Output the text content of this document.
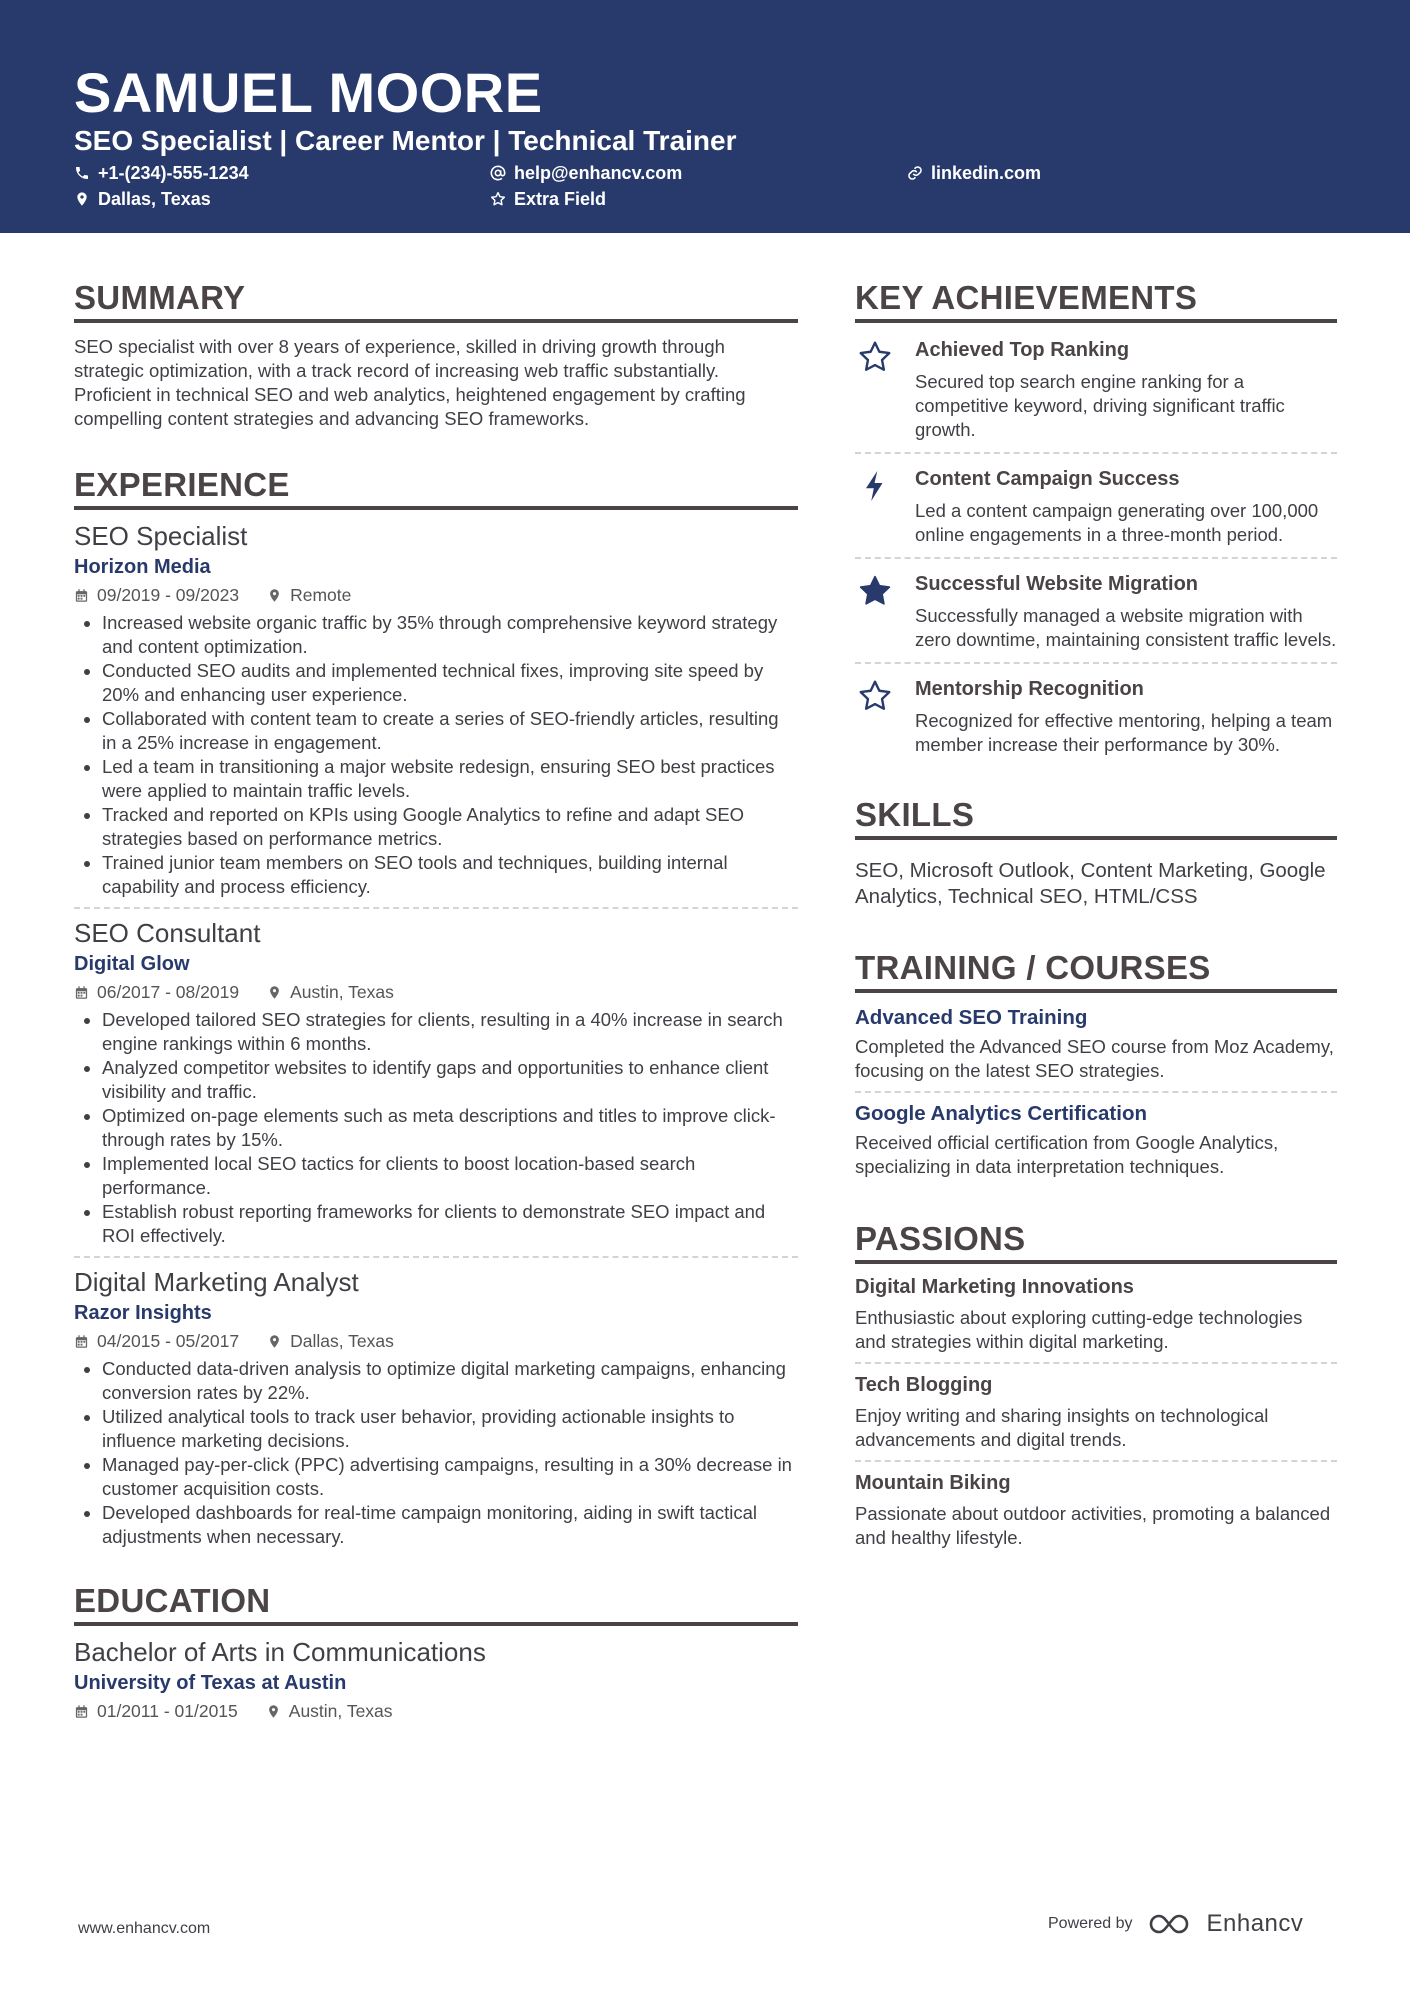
SAMUEL MOORE
SEO Specialist | Career Mentor | Technical Trainer
+1-(234)-555-1234	help@enhancv.com	linkedin.com
Dallas, Texas	Extra Field
SUMMARY

SEO specialist with over 8 years of experience, skilled in driving growth through strategic optimization, with a track record of increasing web traffic substantially. Proficient in technical SEO and web analytics, heightened engagement by crafting compelling content strategies and advancing SEO frameworks.

EXPERIENCE
SEO Specialist
Horizon Media
09/2019 - 09/2023	Remote
• Increased website organic traffic by 35% through comprehensive keyword strategy and content optimization.
• Conducted SEO audits and implemented technical fixes, improving site speed by 20% and enhancing user experience.
• Collaborated with content team to create a series of SEO-friendly articles, resulting in a 25% increase in engagement.
• Led a team in transitioning a major website redesign, ensuring SEO best practices were applied to maintain traffic levels.
• Tracked and reported on KPIs using Google Analytics to refine and adapt SEO strategies based on performance metrics.
• Trained junior team members on SEO tools and techniques, building internal capability and process efficiency.
SEO Consultant
Digital Glow
06/2017 - 08/2019	Austin, Texas
• Developed tailored SEO strategies for clients, resulting in a 40% increase in search engine rankings within 6 months.
• Analyzed competitor websites to identify gaps and opportunities to enhance client visibility and traffic.
• Optimized on-page elements such as meta descriptions and titles to improve click-through rates by 15%.
• Implemented local SEO tactics for clients to boost location-based search performance.
• Establish robust reporting frameworks for clients to demonstrate SEO impact and ROI effectively.
Digital Marketing Analyst
Razor Insights
04/2015 - 05/2017	Dallas, Texas
• Conducted data-driven analysis to optimize digital marketing campaigns, enhancing conversion rates by 22%.
• Utilized analytical tools to track user behavior, providing actionable insights to influence marketing decisions.
• Managed pay-per-click (PPC) advertising campaigns, resulting in a 30% decrease in customer acquisition costs.
• Developed dashboards for real-time campaign monitoring, aiding in swift tactical adjustments when necessary.
EDUCATION
Bachelor of Arts in Communications
University of Texas at Austin
01/2011 - 01/2015	Austin, Texas
KEY ACHIEVEMENTS
Achieved Top Ranking
Secured top search engine ranking for a competitive keyword, driving significant traffic growth.
Content Campaign Success
Led a content campaign generating over 100,000 online engagements in a three-month period.
Successful Website Migration
Successfully managed a website migration with zero downtime, maintaining consistent traffic levels.
Mentorship Recognition
Recognized for effective mentoring, helping a team member increase their performance by 30%.
SKILLS

SEO, Microsoft Outlook, Content Marketing, Google Analytics, Technical SEO, HTML/CSS

TRAINING / COURSES
Advanced SEO Training

Completed the Advanced SEO course from Moz Academy, focusing on the latest SEO strategies.

Google Analytics Certification

Received official certification from Google Analytics, specializing in data interpretation techniques.

PASSIONS
Digital Marketing Innovations

Enthusiastic about exploring cutting-edge technologies and strategies within digital marketing.

Tech Blogging

Enjoy writing and sharing insights on technological advancements and digital trends.

Mountain Biking

Passionate about outdoor activities, promoting a balanced and healthy lifestyle.

www.enhancv.com	Powered by	Enhancv
